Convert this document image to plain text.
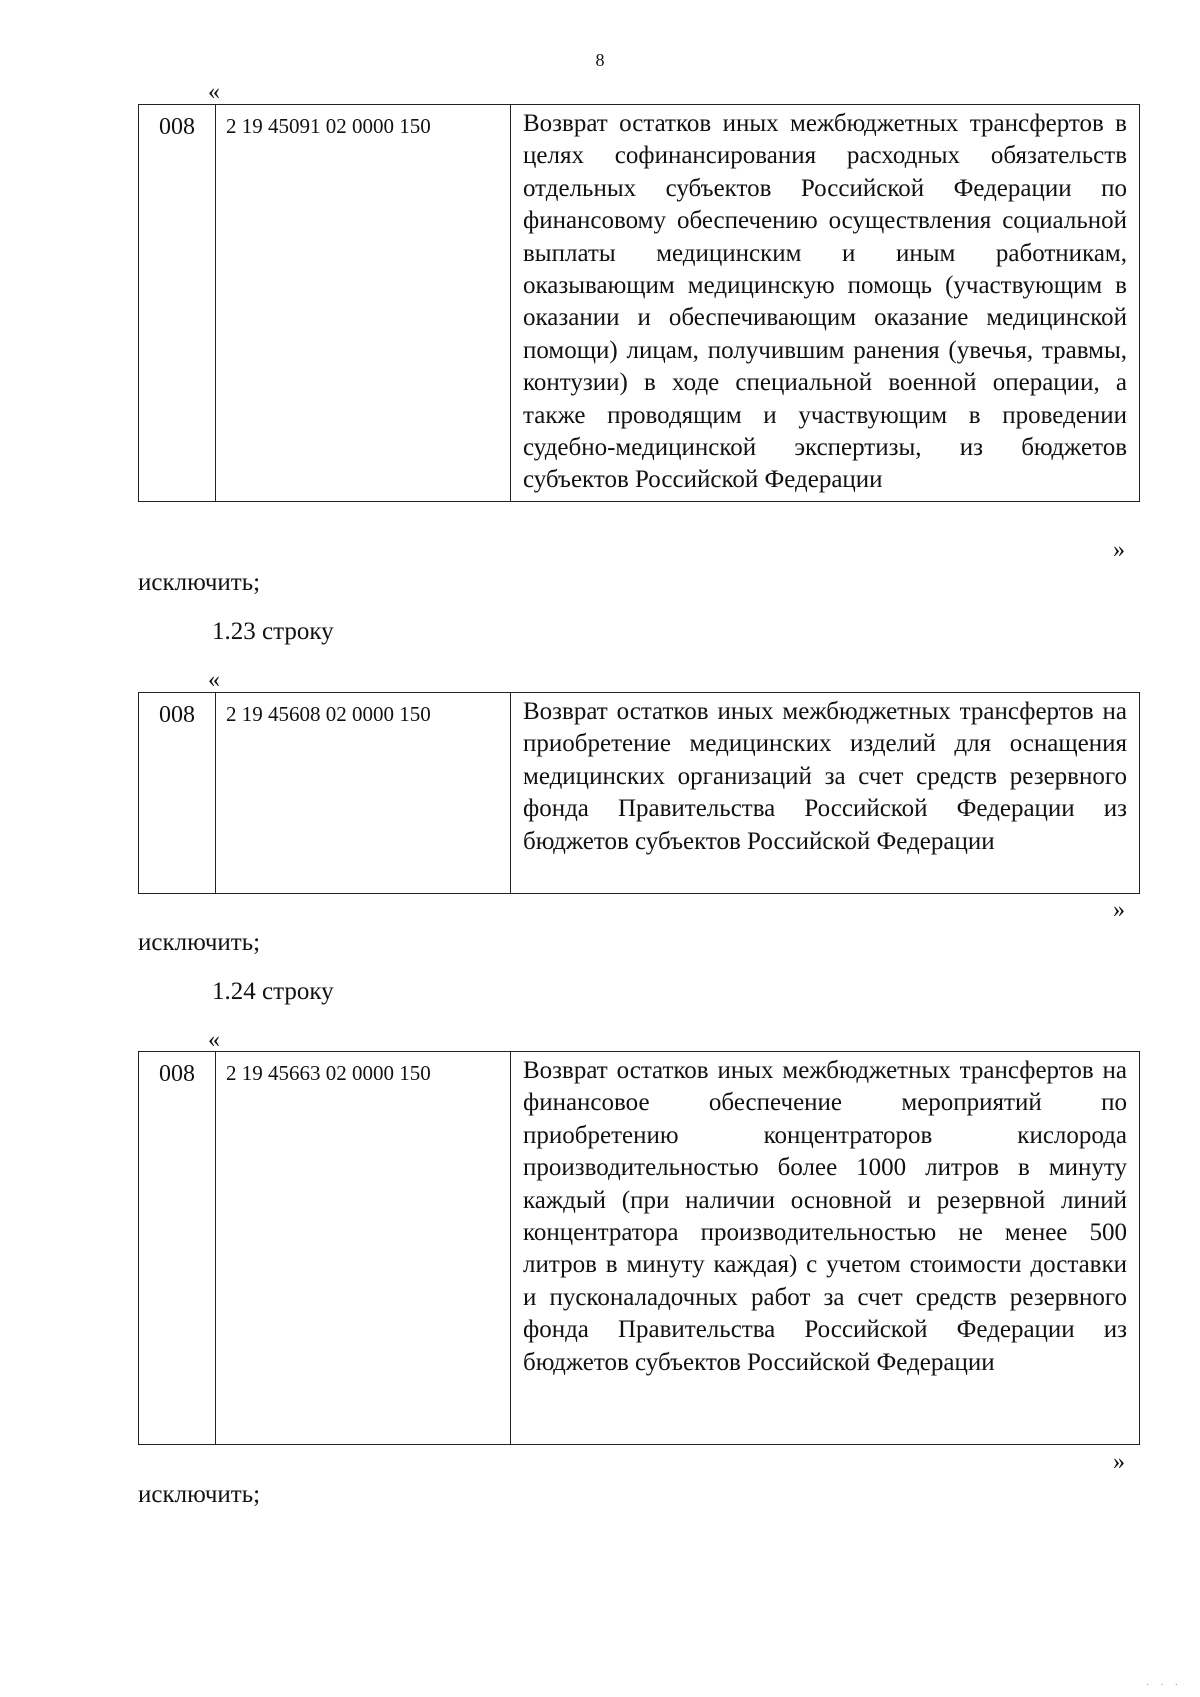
8
«
008	2 19 45091 02 0000 150	Возврат остатков иных межбюджетных трансфертов в целях софинансирования расходных обязательств отдельных субъектов Российской Федерации по финансовому обеспечению осуществления социальной выплаты медицинским и иным работникам, оказывающим медицинскую помощь (участвующим в оказании и обеспечивающим оказание медицинской помощи) лицам, получившим ранения (увечья, травмы, контузии) в ходе специальной военной операции, а также проводящим и участвующим в проведении судебно-медицинской экспертизы, из бюджетов субъектов Российской Федерации
»
исключить;
1.23 строку
«
008	2 19 45608 02 0000 150	Возврат остатков иных межбюджетных трансфертов на приобретение медицинских изделий для оснащения медицинских организаций за счет средств резервного фонда Правительства Российской Федерации из бюджетов субъектов Российской Федерации
»
исключить;
1.24 строку
«
008	2 19 45663 02 0000 150	Возврат остатков иных межбюджетных трансфертов на финансовое обеспечение мероприятий по приобретению концентраторов кислорода производительностью более 1000 литров в минуту каждый (при наличии основной и резервной линий концентратора производительностью не менее 500 литров в минуту каждая) с учетом стоимости доставки и пусконаладочных работ за счет средств резервного фонда Правительства Российской Федерации из бюджетов субъектов Российской Федерации
»
исключить;
· · ·
